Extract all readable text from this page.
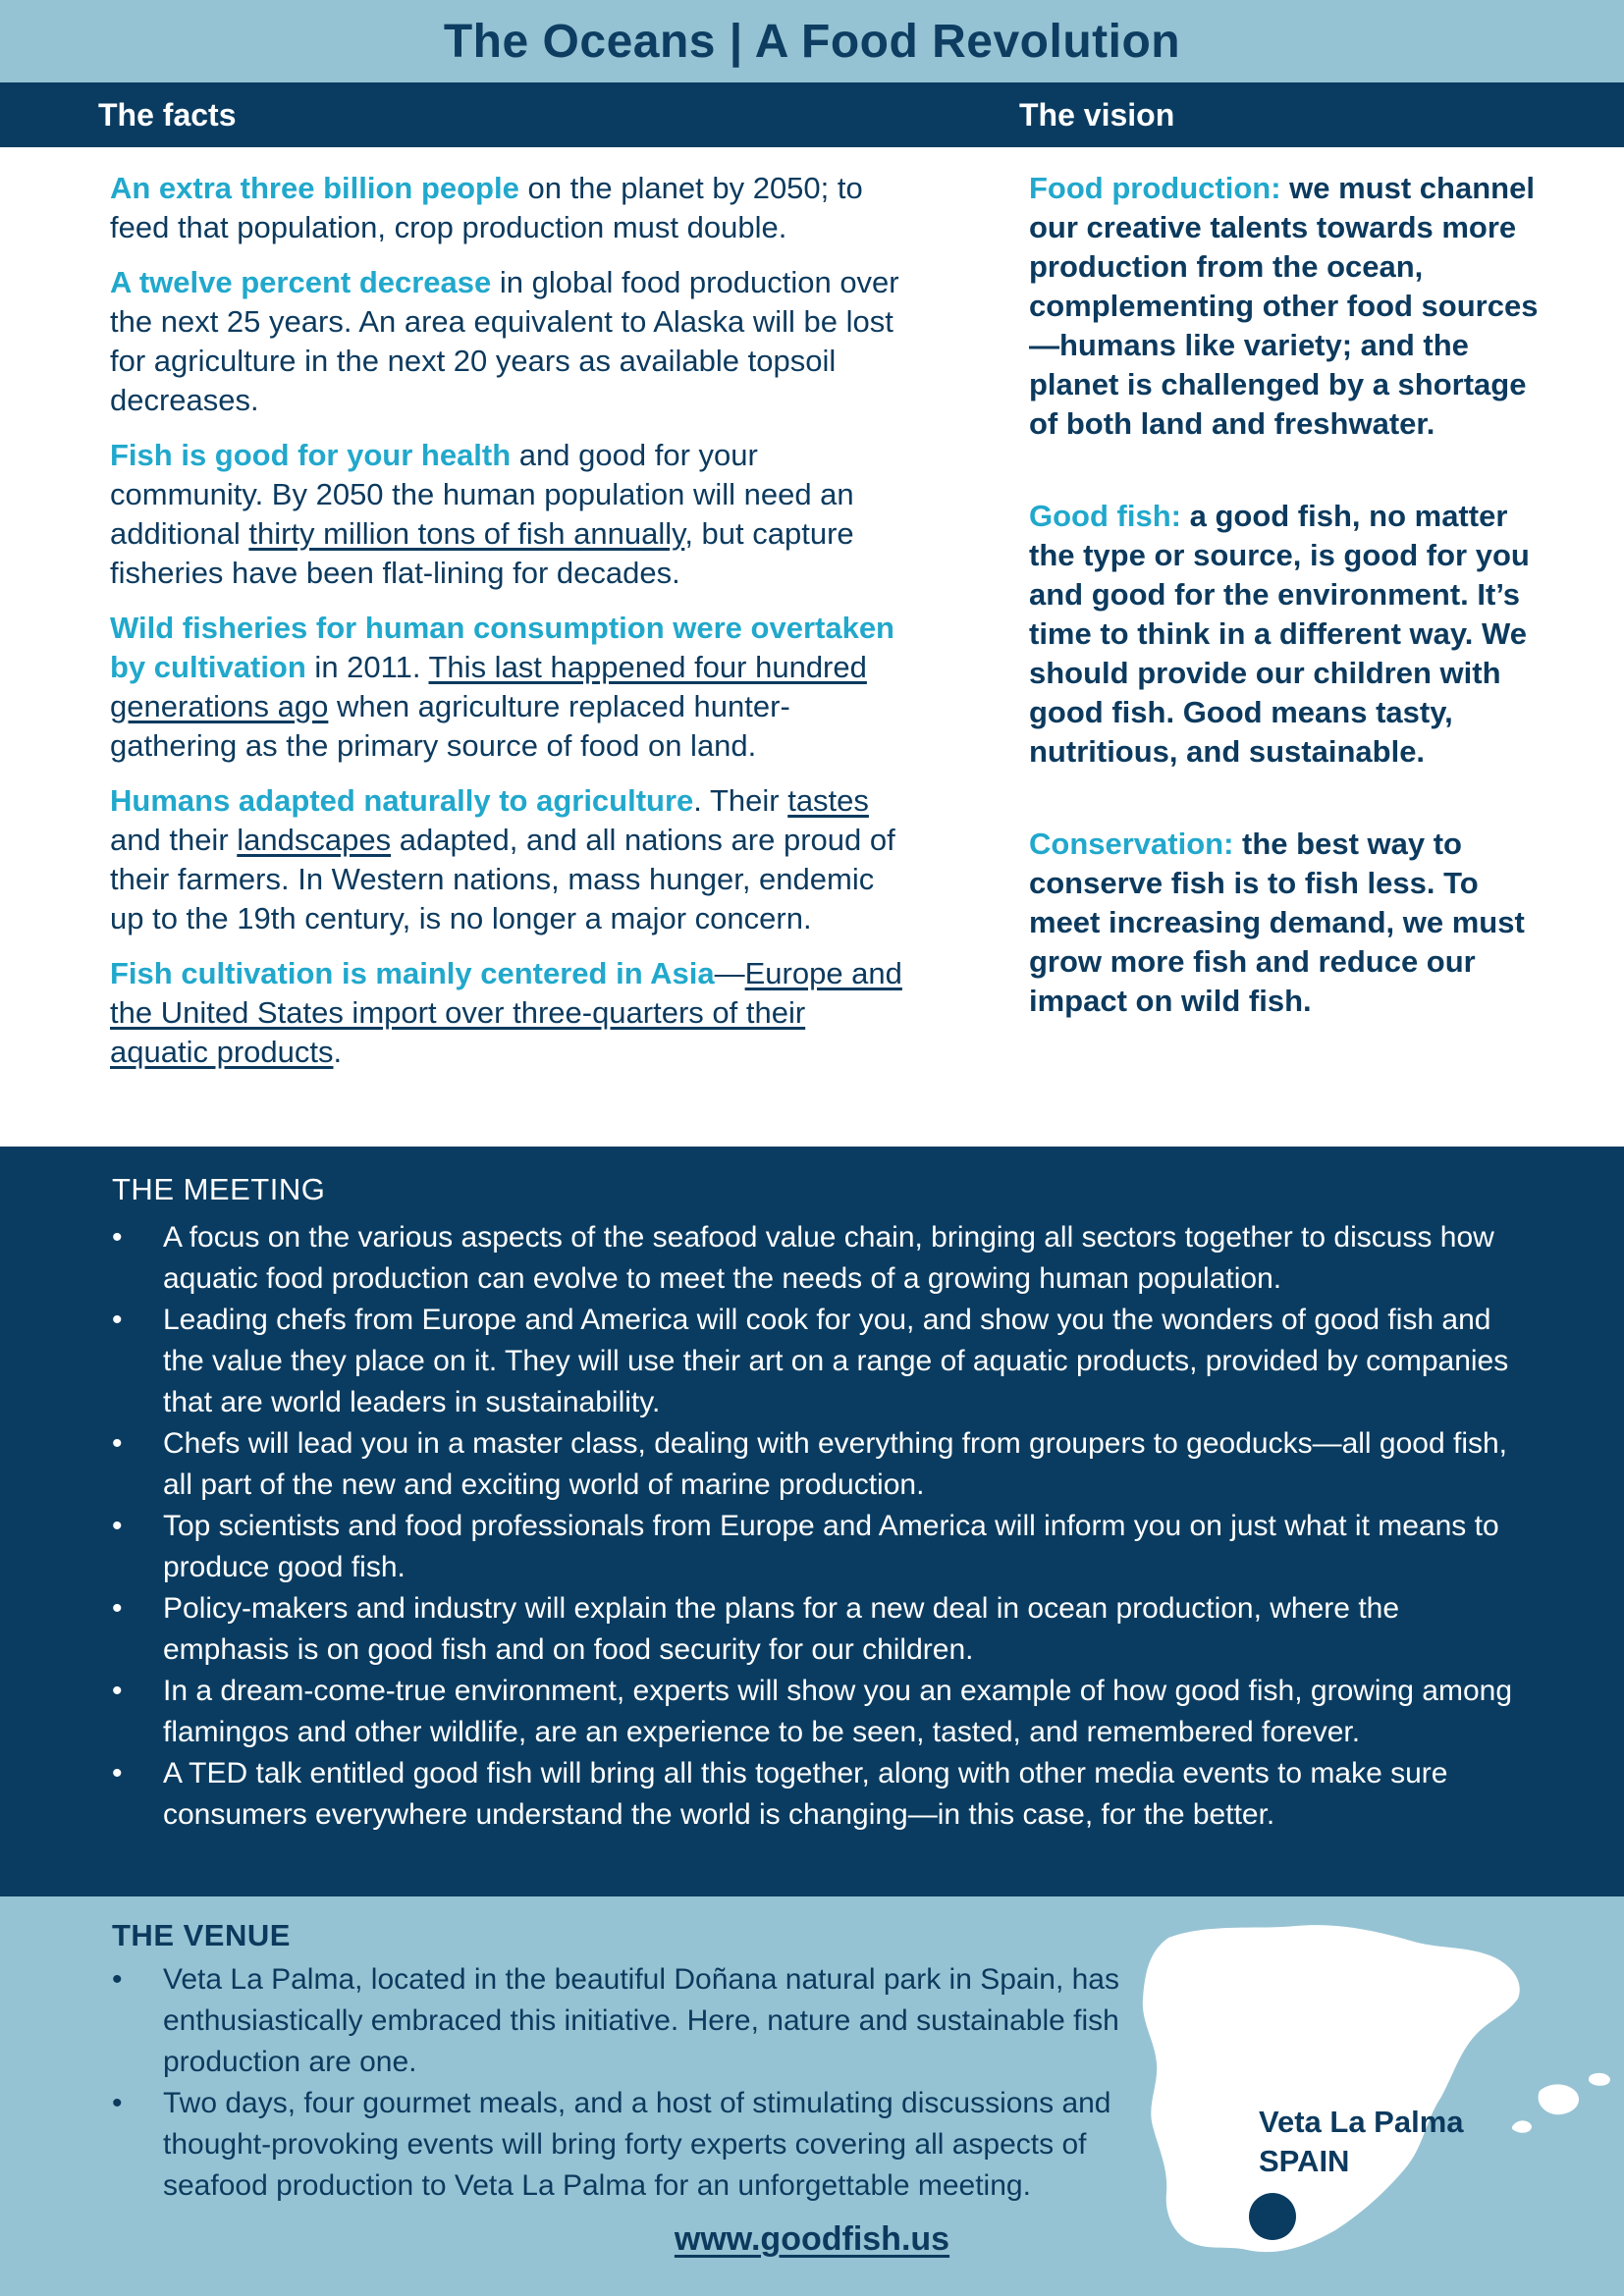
The Oceans | A Food Revolution
The facts	The vision

An extra three billion people on the planet by 2050; to feed that population, crop production must double.

A twelve percent decrease in global food production over the next 25 years. An area equivalent to Alaska will be lost for agriculture in the next 20 years as available topsoil decreases.

Fish is good for your health and good for your community. By 2050 the human population will need an additional thirty million tons of fish annually, but capture fisheries have been flat-lining for decades.

Wild fisheries for human consumption were overtaken by cultivation in 2011. This last happened four hundred generations ago when agriculture replaced hunter-gathering as the primary source of food on land.

Humans adapted naturally to agriculture. Their tastes and their landscapes adapted, and all nations are proud of their farmers. In Western nations, mass hunger, endemic up to the 19th century, is no longer a major concern.

Fish cultivation is mainly centered in Asia—Europe and the United States import over three-quarters of their aquatic products.

Food production: we must channel our creative talents towards more production from the ocean, complementing other food sources—humans like variety; and the planet is challenged by a shortage of both land and freshwater.

Good fish: a good fish, no matter the type or source, is good for you and good for the environment. It’s time to think in a different way. We should provide our children with good fish. Good means tasty, nutritious, and sustainable.

Conservation: the best way to conserve fish is to fish less. To meet increasing demand, we must grow more fish and reduce our impact on wild fish.

THE MEETING
• A focus on the various aspects of the seafood value chain, bringing all sectors together to discuss how aquatic food production can evolve to meet the needs of a growing human population.
• Leading chefs from Europe and America will cook for you, and show you the wonders of good fish and the value they place on it. They will use their art on a range of aquatic products, provided by companies that are world leaders in sustainability.
• Chefs will lead you in a master class, dealing with everything from groupers to geoducks—all good fish, all part of the new and exciting world of marine production.
• Top scientists and food professionals from Europe and America will inform you on just what it means to produce good fish.
• Policy-makers and industry will explain the plans for a new deal in ocean production, where the emphasis is on good fish and on food security for our children.
• In a dream-come-true environment, experts will show you an example of how good fish, growing among flamingos and other wildlife, are an experience to be seen, tasted, and remembered forever.
• A TED talk entitled good fish will bring all this together, along with other media events to make sure consumers everywhere understand the world is changing—in this case, for the better.
THE VENUE
• Veta La Palma, located in the beautiful Doñana natural park in Spain, has enthusiastically embraced this initiative. Here, nature and sustainable fish production are one.
• Two days, four gourmet meals, and a host of stimulating discussions and thought-provoking events will bring forty experts covering all aspects of seafood production to Veta La Palma for an unforgettable meeting.
Veta La Palma
SPAIN
www.goodfish.us
